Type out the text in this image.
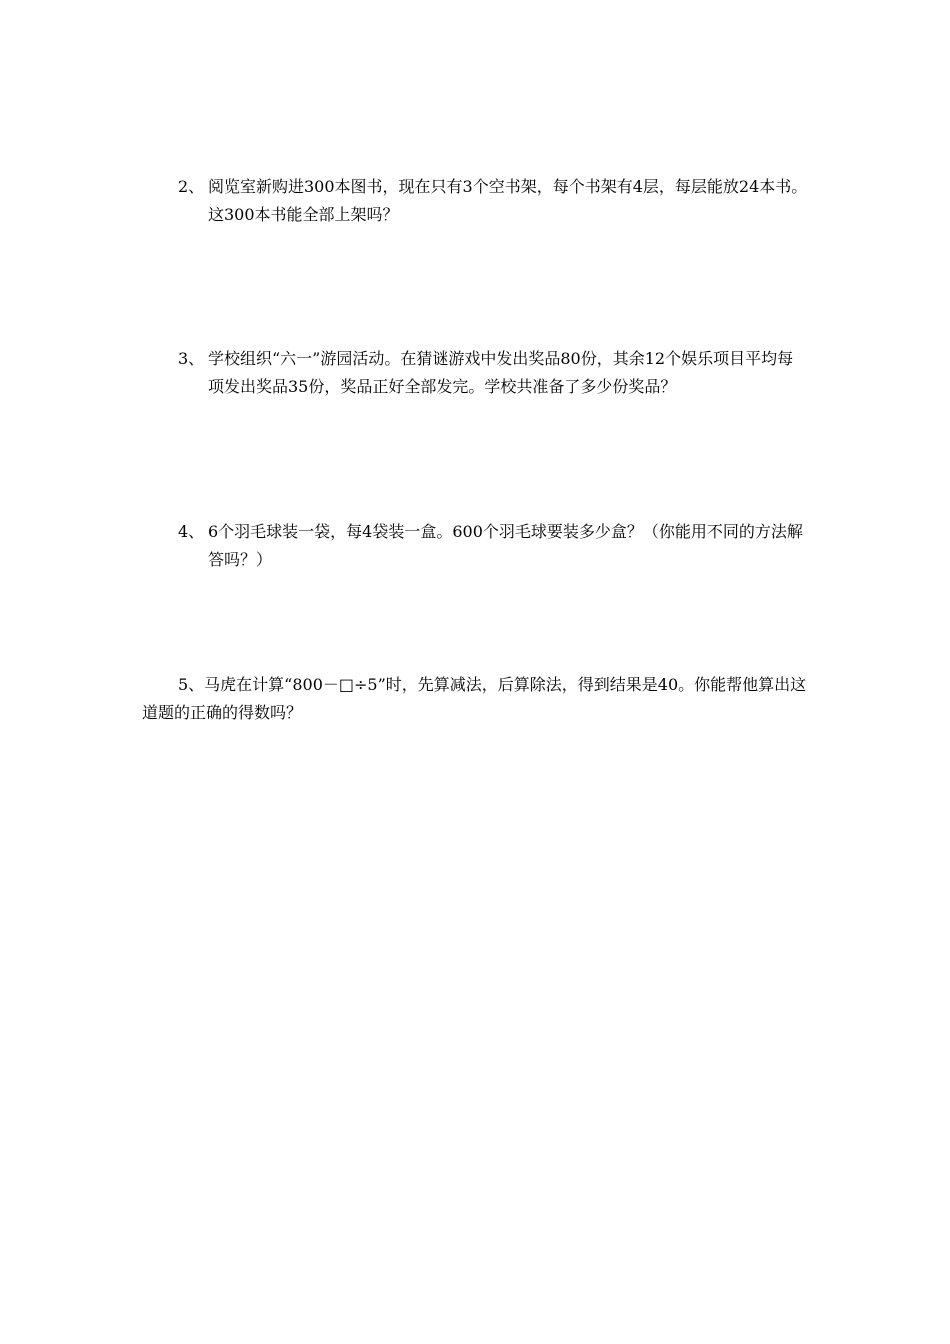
2、 阅览室新购进300本图书，现在只有3个空书架，每个书架有4层，每层能放24本书。这300本书能全部上架吗？
3、 学校组织“六一”游园活动。在猜谜游戏中发出奖品80份，其余12个娱乐项目平均每项发出奖品35份，奖品正好全部发完。学校共准备了多少份奖品？
4、 6个羽毛球装一袋，每4袋装一盒。600个羽毛球要装多少盒？（你能用不同的方法解答吗？）
5、马虎在计算“800－□÷5”时，先算减法，后算除法，得到结果是40。你能帮他算出这道题的正确的得数吗？
